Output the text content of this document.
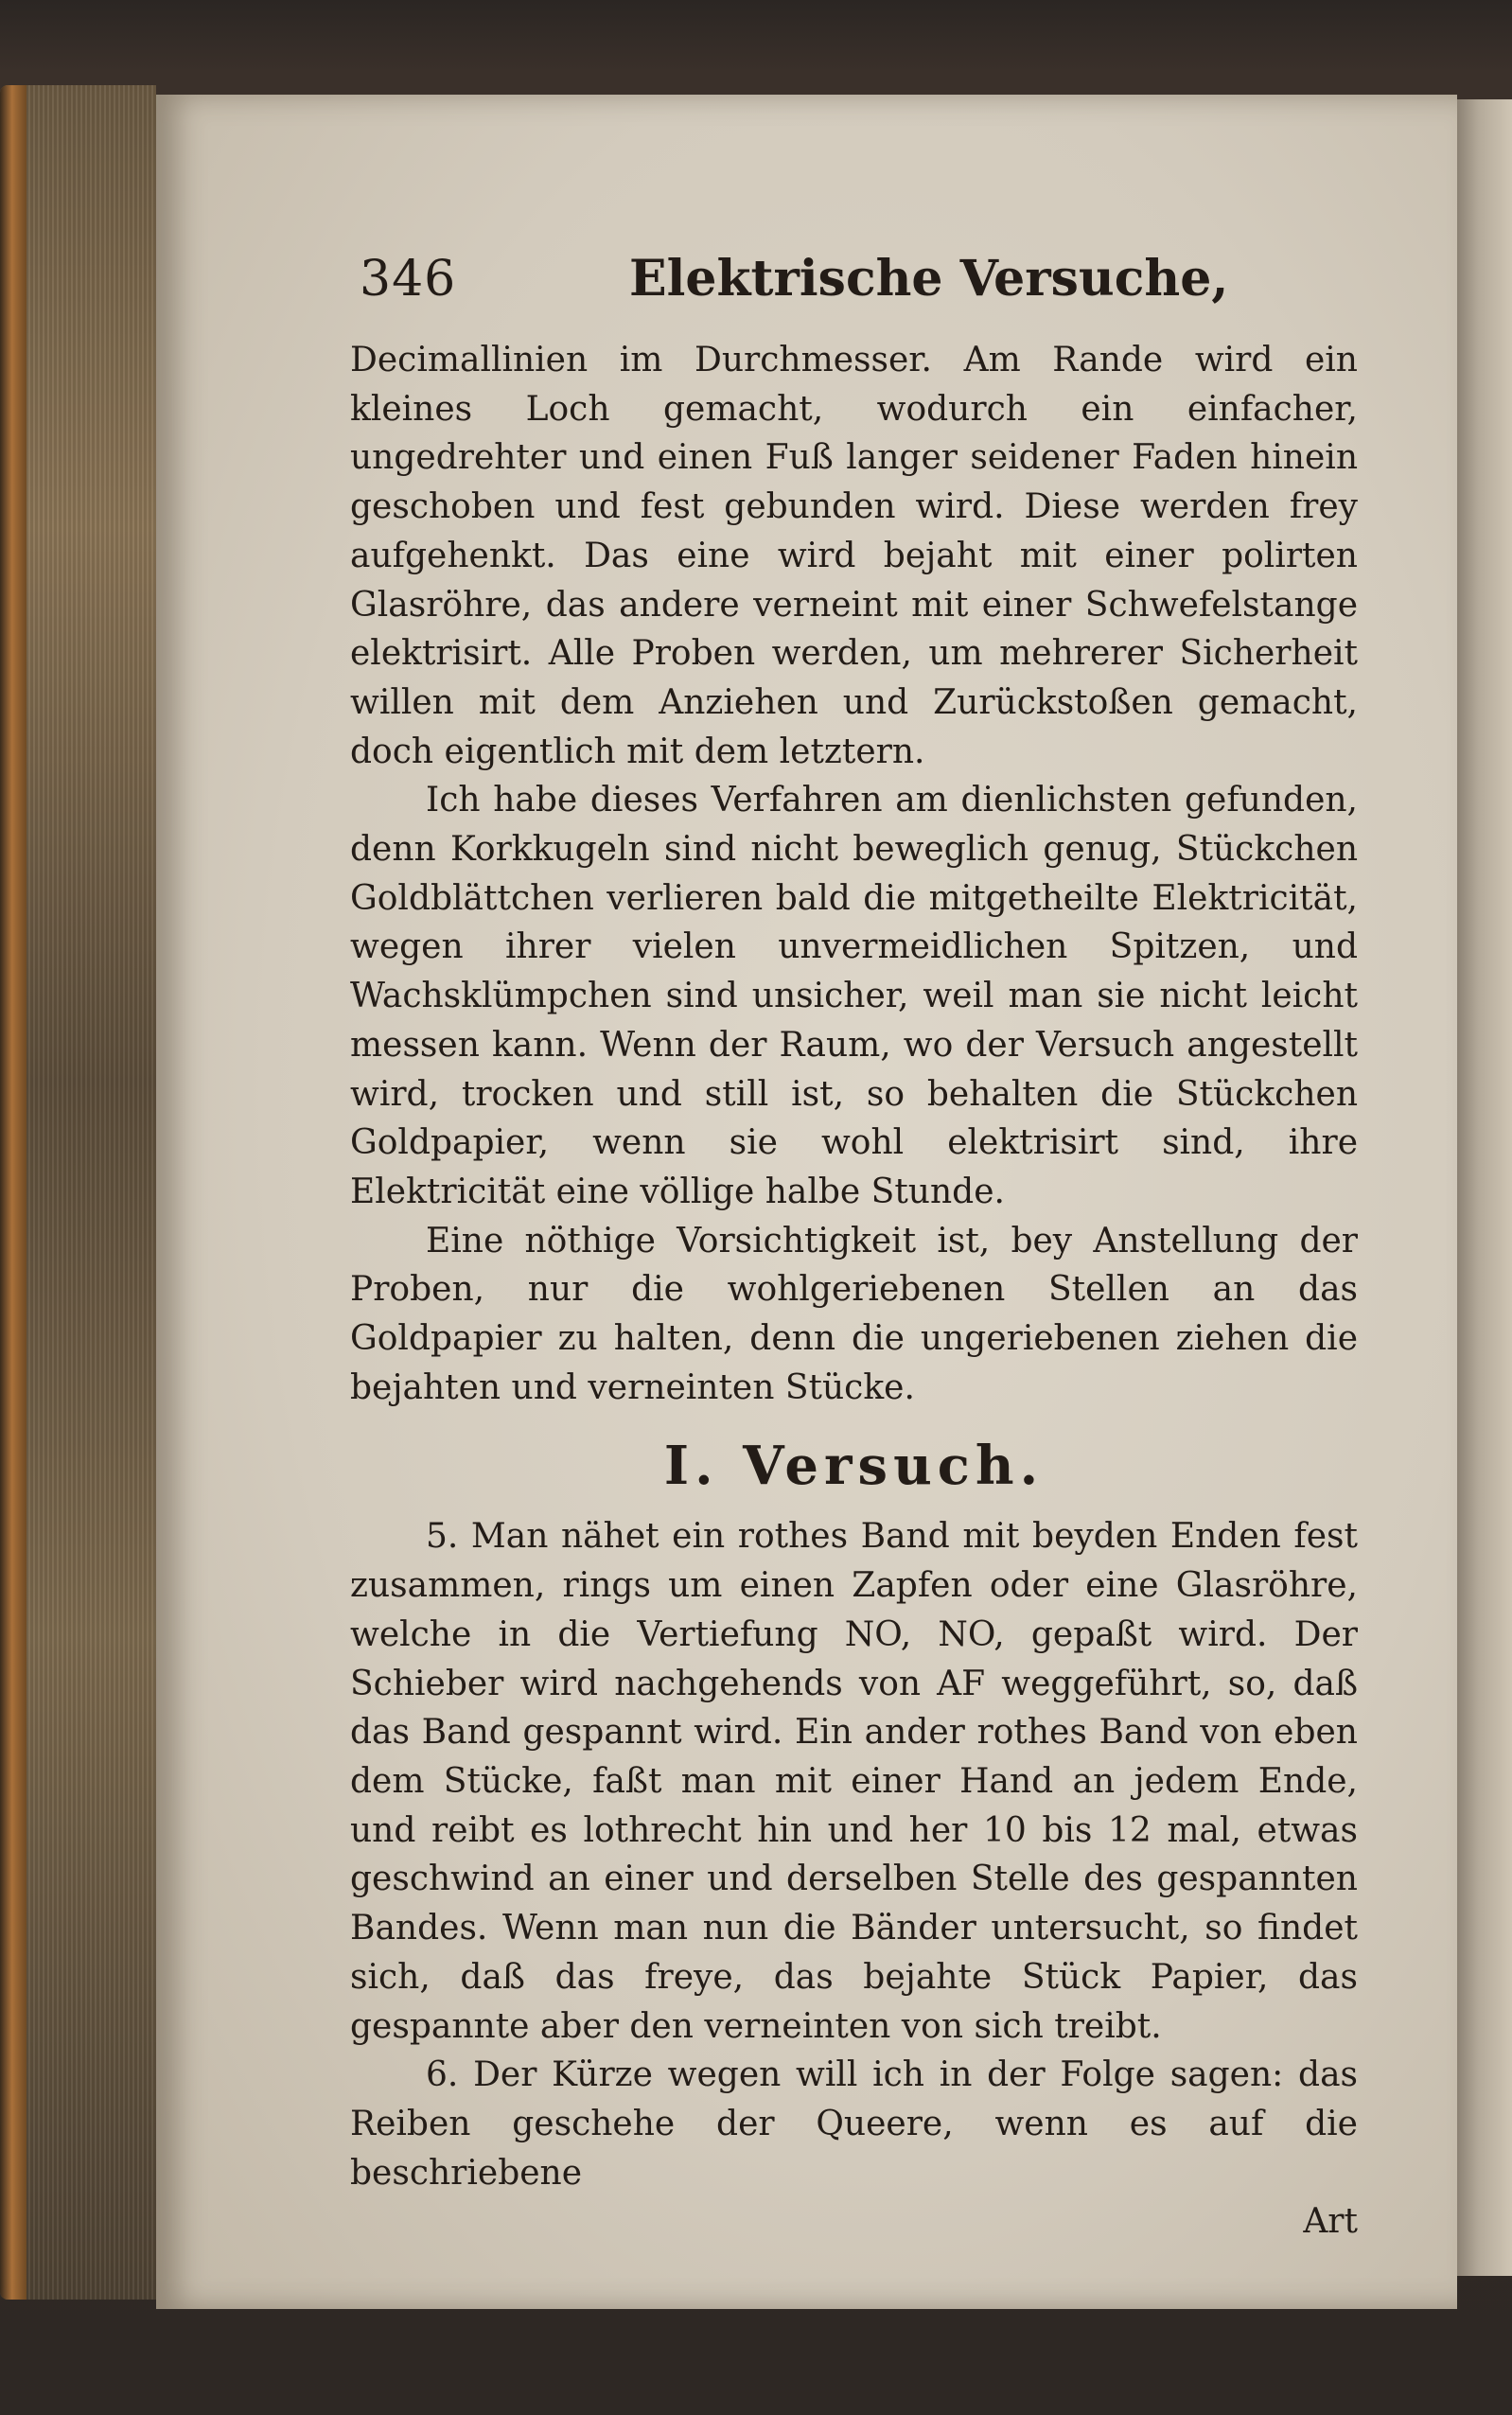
346	Elektrische Versuche,

Decimallinien im Durchmesser. Am Rande wird ein kleines Loch gemacht, wodurch ein einfacher, ungedrehter und einen Fuß langer seidener Faden hinein geschoben und fest gebunden wird. Diese werden frey aufgehenkt. Das eine wird bejaht mit einer polirten Glasröhre, das andere verneint mit einer Schwefelstange elektrisirt. Alle Proben werden, um mehrerer Sicherheit willen mit dem Anziehen und Zurückstoßen gemacht, doch eigentlich mit dem letztern.

Ich habe dieses Verfahren am dienlichsten gefunden, denn Korkkugeln sind nicht beweglich genug, Stückchen Goldblättchen verlieren bald die mitgetheilte Elektricität, wegen ihrer vielen unvermeidlichen Spitzen, und Wachsklümpchen sind unsicher, weil man sie nicht leicht messen kann. Wenn der Raum, wo der Versuch angestellt wird, trocken und still ist, so behalten die Stückchen Goldpapier, wenn sie wohl elektrisirt sind, ihre Elektricität eine völlige halbe Stunde.

Eine nöthige Vorsichtigkeit ist, bey Anstellung der Proben, nur die wohlgeriebenen Stellen an das Goldpapier zu halten, denn die ungeriebenen ziehen die bejahten und verneinten Stücke.

I. Versuch.

5. Man nähet ein rothes Band mit beyden Enden fest zusammen, rings um einen Zapfen oder eine Glasröhre, welche in die Vertiefung NO, NO, gepaßt wird. Der Schieber wird nachgehends von AF weggeführt, so, daß das Band gespannt wird. Ein ander rothes Band von eben dem Stücke, faßt man mit einer Hand an jedem Ende, und reibt es lothrecht hin und her 10 bis 12 mal, etwas geschwind an einer und derselben Stelle des gespannten Bandes. Wenn man nun die Bänder untersucht, so findet sich, daß das freye, das bejahte Stück Papier, das gespannte aber den verneinten von sich treibt.

6. Der Kürze wegen will ich in der Folge sagen: das Reiben geschehe der Queere, wenn es auf die beschriebene

Art
